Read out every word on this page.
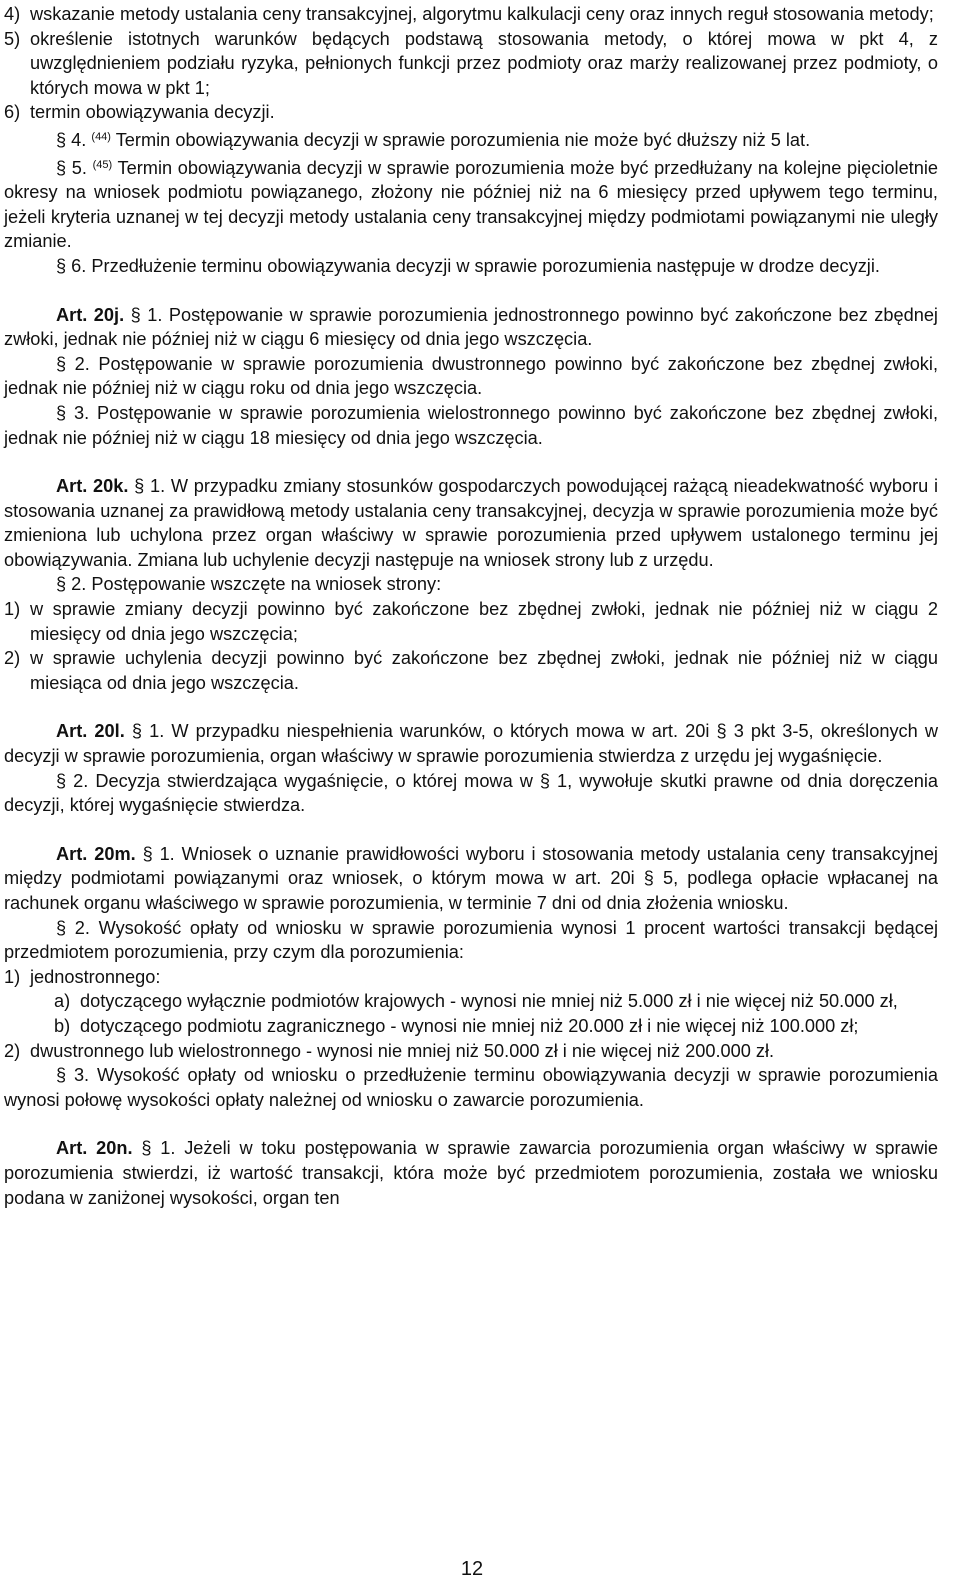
4) wskazanie metody ustalania ceny transakcyjnej, algorytmu kalkulacji ceny oraz innych reguł stosowania metody;

5) określenie istotnych warunków będących podstawą stosowania metody, o której mowa w pkt 4, z uwzględnieniem podziału ryzyka, pełnionych funkcji przez podmioty oraz marży realizowanej przez podmioty, o których mowa w pkt 1;

6) termin obowiązywania decyzji.

§ 4. $^{(44)}$ Termin obowiązywania decyzji w sprawie porozumienia nie może być dłuższy niż 5 lat.

§ 5. $^{(45)}$ Termin obowiązywania decyzji w sprawie porozumienia może być przedłużany na kolejne pięcioletnie okresy na wniosek podmiotu powiązanego, złożony nie później niż na 6 miesięcy przed upływem tego terminu, jeżeli kryteria uznanej w tej decyzji metody ustalania ceny transakcyjnej między podmiotami powiązanymi nie uległy zmianie.

§ 6. Przedłużenie terminu obowiązywania decyzji w sprawie porozumienia następuje w drodze decyzji.

Art. 20j. § 1. Postępowanie w sprawie porozumienia jednostronnego powinno być zakończone bez zbędnej zwłoki, jednak nie później niż w ciągu 6 miesięcy od dnia jego wszczęcia.

§ 2. Postępowanie w sprawie porozumienia dwustronnego powinno być zakończone bez zbędnej zwłoki, jednak nie później niż w ciągu roku od dnia jego wszczęcia.

§ 3. Postępowanie w sprawie porozumienia wielostronnego powinno być zakończone bez zbędnej zwłoki, jednak nie później niż w ciągu 18 miesięcy od dnia jego wszczęcia.

Art. 20k. § 1. W przypadku zmiany stosunków gospodarczych powodującej rażącą nieadekwatność wyboru i stosowania uznanej za prawidłową metody ustalania ceny transakcyjnej, decyzja w sprawie porozumienia może być zmieniona lub uchylona przez organ właściwy w sprawie porozumienia przed upływem ustalonego terminu jej obowiązywania. Zmiana lub uchylenie decyzji następuje na wniosek strony lub z urzędu.

§ 2. Postępowanie wszczęte na wniosek strony:

1) w sprawie zmiany decyzji powinno być zakończone bez zbędnej zwłoki, jednak nie później niż w ciągu 2 miesięcy od dnia jego wszczęcia;

2) w sprawie uchylenia decyzji powinno być zakończone bez zbędnej zwłoki, jednak nie później niż w ciągu miesiąca od dnia jego wszczęcia.

Art. 20l. § 1. W przypadku niespełnienia warunków, o których mowa w art. 20i § 3 pkt 3-5, określonych w decyzji w sprawie porozumienia, organ właściwy w sprawie porozumienia stwierdza z urzędu jej wygaśnięcie.

§ 2. Decyzja stwierdzająca wygaśnięcie, o której mowa w § 1, wywołuje skutki prawne od dnia doręczenia decyzji, której wygaśnięcie stwierdza.

Art. 20m. § 1. Wniosek o uznanie prawidłowości wyboru i stosowania metody ustalania ceny transakcyjnej między podmiotami powiązanymi oraz wniosek, o którym mowa w art. 20i § 5, podlega opłacie wpłacanej na rachunek organu właściwego w sprawie porozumienia, w terminie 7 dni od dnia złożenia wniosku.

§ 2. Wysokość opłaty od wniosku w sprawie porozumienia wynosi 1 procent wartości transakcji będącej przedmiotem porozumienia, przy czym dla porozumienia:

1) jednostronnego:

a) dotyczącego wyłącznie podmiotów krajowych - wynosi nie mniej niż 5.000 zł i nie więcej niż 50.000 zł,

b) dotyczącego podmiotu zagranicznego - wynosi nie mniej niż 20.000 zł i nie więcej niż 100.000 zł;

2) dwustronnego lub wielostronnego - wynosi nie mniej niż 50.000 zł i nie więcej niż 200.000 zł.

§ 3. Wysokość opłaty od wniosku o przedłużenie terminu obowiązywania decyzji w sprawie porozumienia wynosi połowę wysokości opłaty należnej od wniosku o zawarcie porozumienia.

Art. 20n. § 1. Jeżeli w toku postępowania w sprawie zawarcia porozumienia organ właściwy w sprawie porozumienia stwierdzi, iż wartość transakcji, która może być przedmiotem porozumienia, została we wniosku podana w zaniżonej wysokości, organ ten

12
